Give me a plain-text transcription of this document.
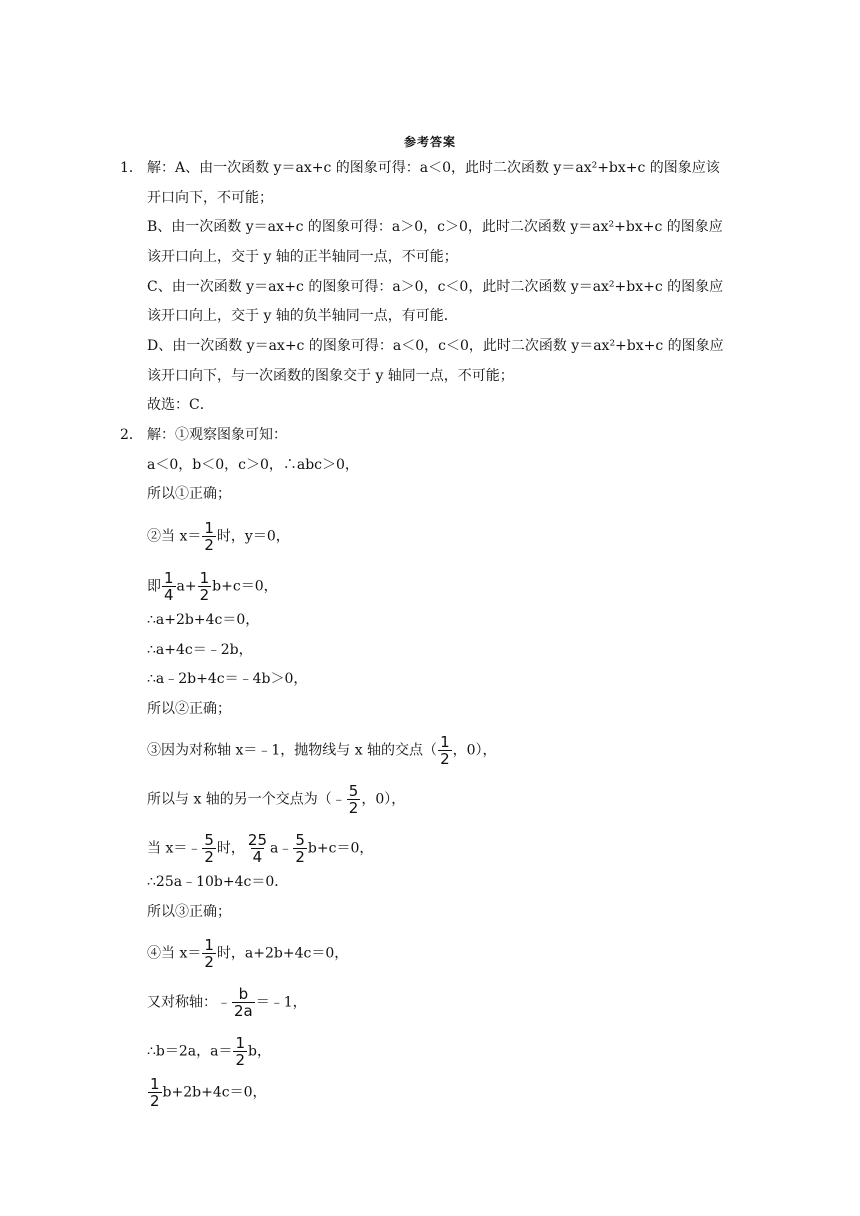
参考答案
1． 解：A、由一次函数 y＝ax+c 的图象可得：a＜0，此时二次函数 y＝ax²+bx+c 的图象应该
开口向下，不可能；
B、由一次函数 y＝ax+c 的图象可得：a＞0，c＞0，此时二次函数 y＝ax²+bx+c 的图象应
该开口向上，交于 y 轴的正半轴同一点，不可能；
C、由一次函数 y＝ax+c 的图象可得：a＞0，c＜0，此时二次函数 y＝ax²+bx+c 的图象应
该开口向上，交于 y 轴的负半轴同一点，有可能．
D、由一次函数 y＝ax+c 的图象可得：a＜0，c＜0，此时二次函数 y＝ax²+bx+c 的图象应
该开口向下，与一次函数的图象交于 y 轴同一点，不可能；
故选：C．
2． 解：①观察图象可知：
a＜0，b＜0，c＞0，∴abc＞0，
所以①正确；
②当 $x= \frac{1}{2}$ 时，y＝0，
即 $\frac{1}{4} a+ \frac{1}{2} b+c=0$，
∴a+2b+4c＝0，
∴a+4c＝﹣2b，
∴a﹣2b+4c＝﹣4b＞0，
所以②正确；
③因为对称轴 x＝﹣1，抛物线与 x 轴的交点（ $\frac{1}{2}$ ，0），
所以与 x 轴的另一个交点为（﹣ $\frac{5}{2}$ ，0），
当 x＝﹣ $\frac{5}{2}$ 时， $\frac{25}{4}$ a﹣ $\frac{5}{2} b+c=0$，
∴25a﹣10b+4c＝0．
所以③正确；
④当 $x= \frac{1}{2}$ 时，a+2b+4c＝0，
又对称轴：﹣ $\frac{b}{2a}$ ＝﹣1，
∴b＝2a，$a= \frac{1}{2}$ b，
$\frac{1}{2} b+2b+4c=0$，
